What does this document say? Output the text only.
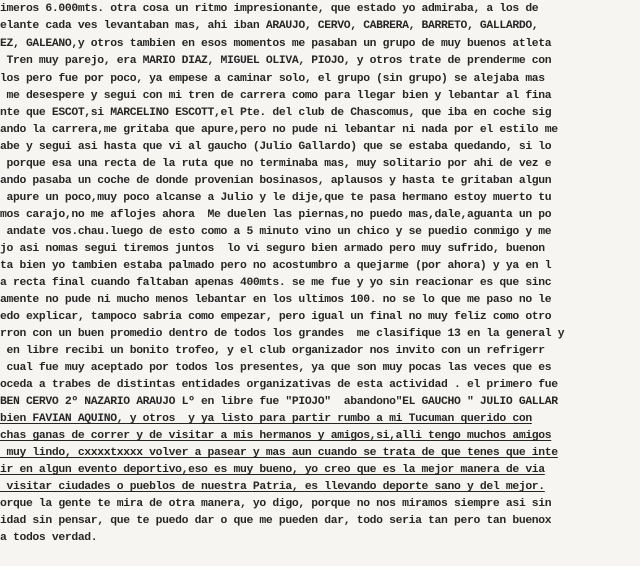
imeros 6.000mts. otra cosa un ritmo impresionante, que estado yo admiraba, a los de
elante cada ves levantaban mas, ahi iban ARAUJO, CERVO, CABRERA, BARRETO, GALLARDO,
EZ, GALEANO,y otros tambien en esos momentos me pasaban un grupo de muy buenos atleta
Tren muy parejo, era MARIO DIAZ, MIGUEL OLIVA, PIOJO, y otros trate de prenderme con
los pero fue por poco, ya empese a caminar solo, el grupo (sin grupo) se alejaba mas
me desespere y segui con mi tren de carrera como para llegar bien y lebantar al fina
nte que ESCOT,si MARCELINO ESCOTT,el Pte. del club de Chascomus, que iba en coche sig
ando la carrera,me gritaba que apure,pero no pude ni lebantar ni nada por el estilo me
abe y segui asi hasta que vi al gaucho (Julio Gallardo) que se estaba quedando, si lo
porque esa una recta de la ruta que no terminaba mas, muy solitario por ahi de vez e
ando pasaba un coche de donde provenian bosinasos, aplausos y hasta te gritaban algun
apure un poco,muy poco alcanse a Julio y le dije,que te pasa hermano estoy muerto tu
mos carajo,no me aflojes ahora  Me duelen las piernas,no puedo mas,dale,aguanta un po
andate vos.chau.luego de esto como a 5 minuto vino un chico y se puedio conmigo y me
jo asi nomas segui tiremos juntos  lo vi seguro bien armado pero muy sufrido, buenon
ta bien yo tambien estaba palmado pero no acostumbro a quejarme (por ahora) y ya en l
a recta final cuando faltaban apenas 400mts. se me fue y yo sin reacionar es que sinc
amente no pude ni mucho menos lebantar en los ultimos 100. no se lo que me paso no le
edo explicar, tampoco sabria como empezar, pero igual un final no muy feliz como otro
rron con un buen promedio dentro de todos los grandes  me clasifique 13 en la general y
en libre recibi un bonito trofeo, y el club organizador nos invito con un refrigerr
cual fue muy aceptado por todos los presentes, ya que son muy pocas las veces que es
oceda a trabes de distintas entidades organizativas de esta actividad . el primero fue
BEN CERVO 2º NAZARIO ARAUJO Lº en libre fue "PIOJO"  abandono"EL GAUCHO " JULIO GALLAR
bien FAVIAN AQUINO, y otros  y ya listo para partir rumbo a mi Tucuman querido con
chas ganas de correr y de visitar a mis hermanos y amigos,si,alli tengo muchos amigos
muy lindo, cxxxxtxxxx volver a pasear y mas aun cuando se trata de que tenes que inte
ir en algun evento deportivo,eso es muy bueno, yo creo que es la mejor manera de via
visitar ciudades o pueblos de nuestra Patria, es llevando deporte sano y del mejor.
orque la gente te mira de otra manera, yo digo, porque no nos miramos siempre asi sin
idad sin pensar, que te puedo dar o que me pueden dar, todo seria tan pero tan buenox
a todos verdad.
